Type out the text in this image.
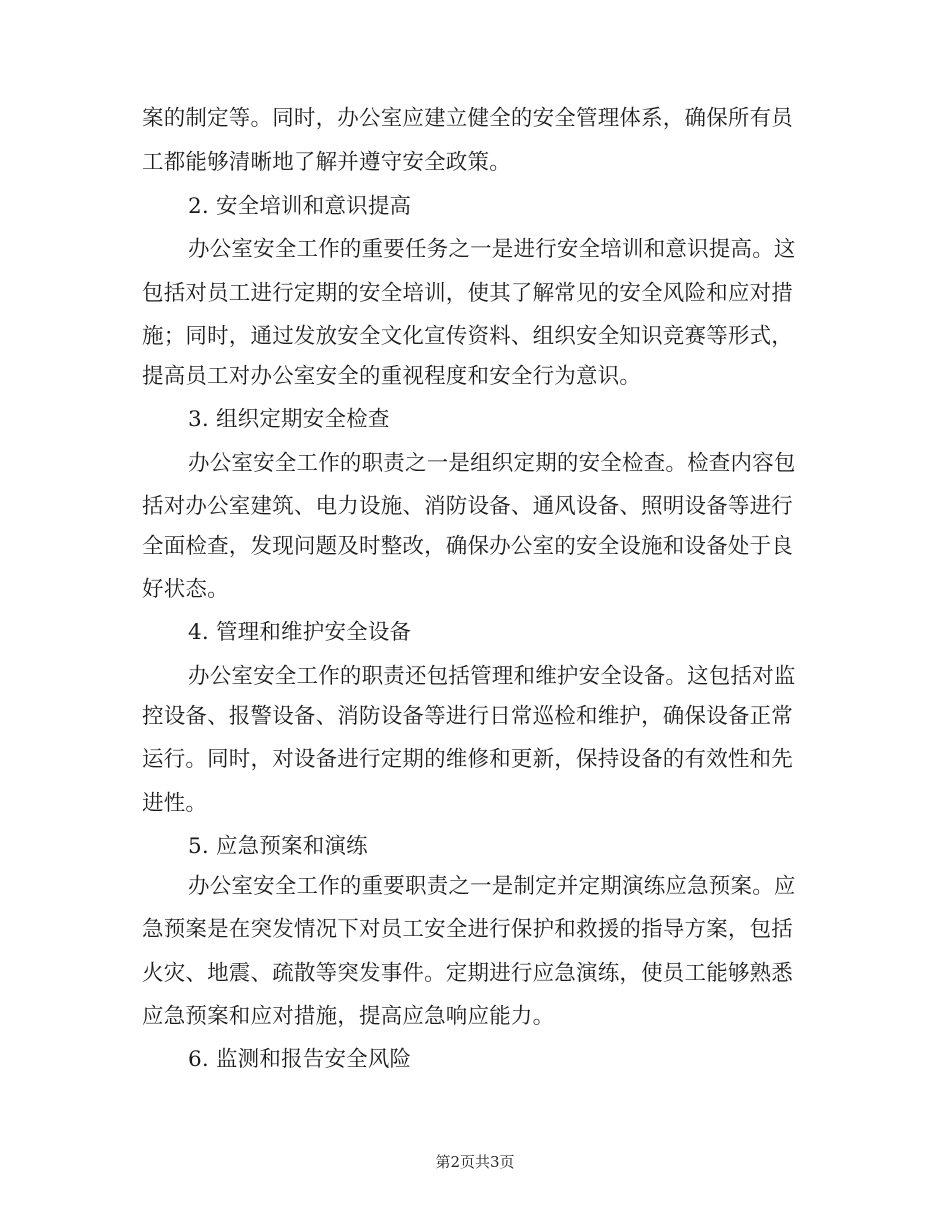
案的制定等。同时，办公室应建立健全的安全管理体系，确保所有员
工都能够清晰地了解并遵守安全政策。
2. 安全培训和意识提高
办公室安全工作的重要任务之一是进行安全培训和意识提高。这
包括对员工进行定期的安全培训，使其了解常见的安全风险和应对措
施；同时，通过发放安全文化宣传资料、组织安全知识竞赛等形式，
提高员工对办公室安全的重视程度和安全行为意识。
3. 组织定期安全检查
办公室安全工作的职责之一是组织定期的安全检查。检查内容包
括对办公室建筑、电力设施、消防设备、通风设备、照明设备等进行
全面检查，发现问题及时整改，确保办公室的安全设施和设备处于良
好状态。
4. 管理和维护安全设备
办公室安全工作的职责还包括管理和维护安全设备。这包括对监
控设备、报警设备、消防设备等进行日常巡检和维护，确保设备正常
运行。同时，对设备进行定期的维修和更新，保持设备的有效性和先
进性。
5. 应急预案和演练
办公室安全工作的重要职责之一是制定并定期演练应急预案。应
急预案是在突发情况下对员工安全进行保护和救援的指导方案，包括
火灾、地震、疏散等突发事件。定期进行应急演练，使员工能够熟悉
应急预案和应对措施，提高应急响应能力。
6. 监测和报告安全风险
第2页共3页
